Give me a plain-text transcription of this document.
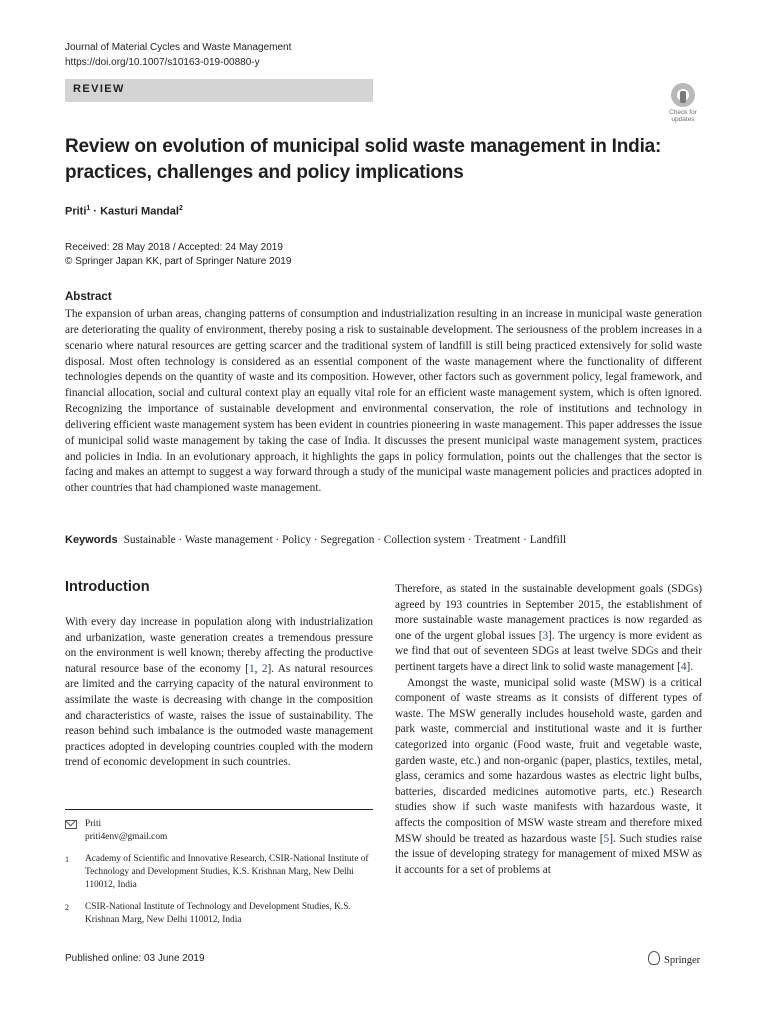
Journal of Material Cycles and Waste Management
https://doi.org/10.1007/s10163-019-00880-y
REVIEW
Check for updates
Review on evolution of municipal solid waste management in India: practices, challenges and policy implications
Priti$^1$ · Kasturi Mandal$^2$
Received: 28 May 2018 / Accepted: 24 May 2019
© Springer Japan KK, part of Springer Nature 2019
Abstract

The expansion of urban areas, changing patterns of consumption and industrialization resulting in an increase in municipal waste generation are deteriorating the quality of environment, thereby posing a risk to sustainable development. The seriousness of the problem increases in a scenario where natural resources are getting scarcer and the traditional system of landfill is still being practiced extensively for solid waste disposal. Most often technology is considered as an essential component of the waste management where the functionality of different technologies depends on the quantity of waste and its composition. However, other factors such as government policy, legal framework, and financial allocation, social and cultural context play an equally vital role for an efficient waste management system, which is often ignored. Recognizing the importance of sustainable development and environmental conservation, the role of institutions and technology in delivering efficient waste management system has been evident in countries pioneering in waste management. This paper addresses the issue of municipal solid waste management by taking the case of India. It discusses the present municipal waste management system, practices and policies in India. In an evolutionary approach, it highlights the gaps in policy formulation, points out the challenges that the sector is facing and makes an attempt to suggest a way forward through a study of the municipal waste management policies and practices adopted in other countries that had championed waste management.

Keywords Sustainable · Waste management · Policy · Segregation · Collection system · Treatment · Landfill
Introduction

With every day increase in population along with industrialization and urbanization, waste generation creates a tremendous pressure on the environment is well known; thereby affecting the productive natural resource base of the economy [1, 2]. As natural resources are limited and the carrying capacity of the natural environment to assimilate the waste is decreasing with change in the composition and characteristics of waste, raises the issue of sustainability. The reason behind such imbalance is the outmoded waste management practices adopted in developing countries coupled with the modern trend of economic development in such countries.

Priti
priti4env@gmail.com
1 Academy of Scientific and Innovative Research, CSIR-National Institute of Technology and Development Studies, K.S. Krishnan Marg, New Delhi 110012, India
2 CSIR-National Institute of Technology and Development Studies, K.S. Krishnan Marg, New Delhi 110012, India

Therefore, as stated in the sustainable development goals (SDGs) agreed by 193 countries in September 2015, the establishment of more sustainable waste management practices is now regarded as one of the urgent global issues [3]. The urgency is more evident as we find that out of seventeen SDGs at least twelve SDGs and their pertinent targets have a direct link to solid waste management [4].

Amongst the waste, municipal solid waste (MSW) is a critical component of waste streams as it consists of different types of waste. The MSW generally includes household waste, garden and park waste, commercial and institutional waste and it is further categorized into organic (Food waste, fruit and vegetable waste, garden waste, etc.) and non-organic (paper, plastics, textiles, metal, glass, ceramics and some hazardous wastes as electric light bulbs, batteries, discarded medicines automotive parts, etc.) Research studies show if such waste manifests with hazardous waste, it affects the composition of MSW waste stream and therefore mixed MSW should be treated as hazardous waste [5]. Such studies raise the issue of developing strategy for management of mixed MSW as it accounts for a set of problems at

Published online: 03 June 2019	Springer
